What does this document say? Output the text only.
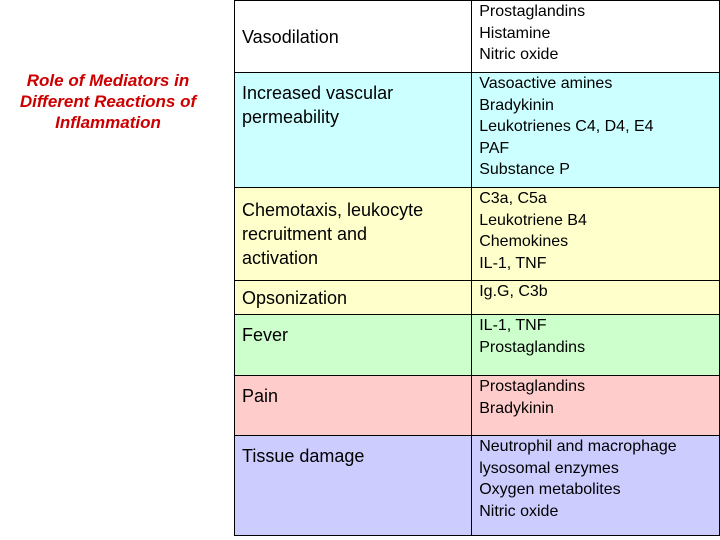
Role of Mediators in
Different Reactions of
Inflammation
Vasodilation	Prostaglandins
Histamine
Nitric oxide

Increased vascular
permeability	Vasoactive amines
Bradykinin
Leukotrienes C4, D4, E4
PAF
Substance P

Chemotaxis, leukocyte
recruitment and
activation	C3a, C5a
Leukotriene B4
Chemokines
IL-1, TNF

Opsonization	Ig.G, C3b

Fever	IL-1, TNF
Prostaglandins

Pain	Prostaglandins
Bradykinin

Tissue damage	Neutrophil and macrophage
lysosomal enzymes
Oxygen metabolites
Nitric oxide
